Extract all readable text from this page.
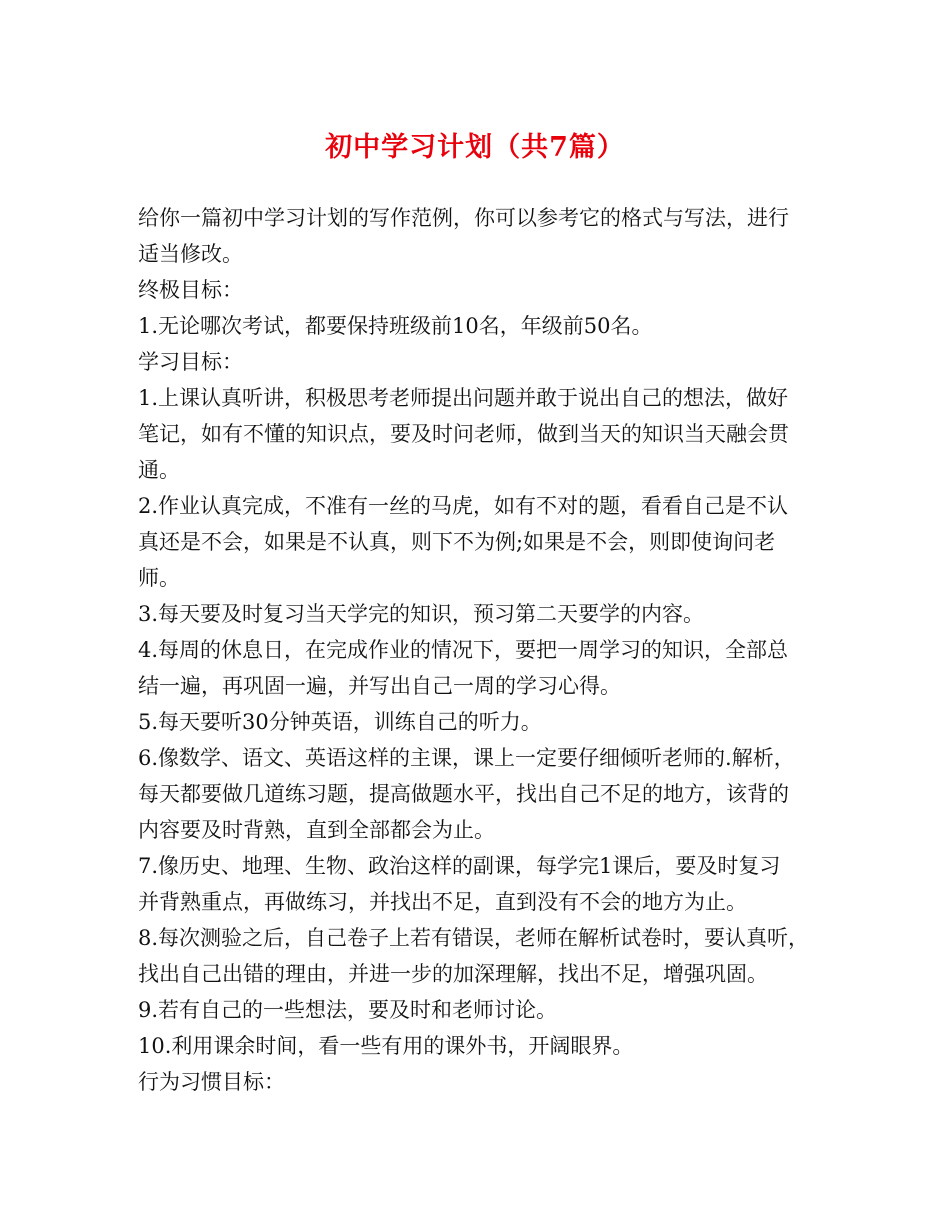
初中学习计划（共7篇）
给你一篇初中学习计划的写作范例，你可以参考它的格式与写法，进行
适当修改。
终极目标：
1.无论哪次考试，都要保持班级前10名，年级前50名。
学习目标：
1.上课认真听讲，积极思考老师提出问题并敢于说出自己的想法，做好
笔记，如有不懂的知识点，要及时问老师，做到当天的知识当天融会贯
通。
2.作业认真完成，不准有一丝的马虎，如有不对的题，看看自己是不认
真还是不会，如果是不认真，则下不为例;如果是不会，则即使询问老
师。
3.每天要及时复习当天学完的知识，预习第二天要学的内容。
4.每周的休息日，在完成作业的情况下，要把一周学习的知识，全部总
结一遍，再巩固一遍，并写出自己一周的学习心得。
5.每天要听30分钟英语，训练自己的听力。
6.像数学、语文、英语这样的主课，课上一定要仔细倾听老师的.解析，
每天都要做几道练习题，提高做题水平，找出自己不足的地方，该背的
内容要及时背熟，直到全部都会为止。
7.像历史、地理、生物、政治这样的副课，每学完1课后，要及时复习
并背熟重点，再做练习，并找出不足，直到没有不会的地方为止。
8.每次测验之后，自己卷子上若有错误，老师在解析试卷时，要认真听，
找出自己出错的理由，并进一步的加深理解，找出不足，增强巩固。
9.若有自己的一些想法，要及时和老师讨论。
10.利用课余时间，看一些有用的课外书，开阔眼界。
行为习惯目标：
